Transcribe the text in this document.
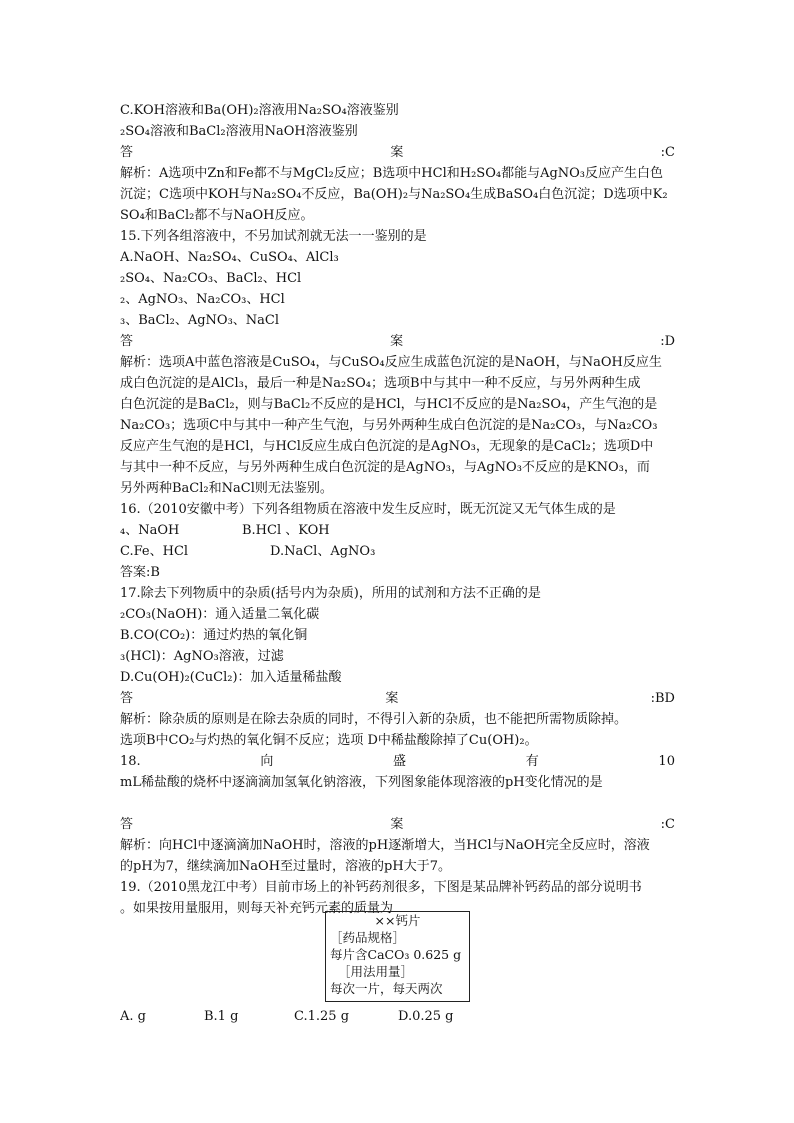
C.KOH溶液和Ba(OH)₂溶液用Na₂SO₄溶液鉴别
₂SO₄溶液和BaCl₂溶液用NaOH溶液鉴别
答	案	:C
解析：A选项中Zn和Fe都不与MgCl₂反应；B选项中HCl和H₂SO₄都能与AgNO₃反应产生白色
沉淀；C选项中KOH与Na₂SO₄不反应，Ba(OH)₂与Na₂SO₄生成BaSO₄白色沉淀；D选项中K₂
SO₄和BaCl₂都不与NaOH反应。
15.下列各组溶液中，不另加试剂就无法一一鉴别的是
A.NaOH、Na₂SO₄、CuSO₄、AlCl₃
₂SO₄、Na₂CO₃、BaCl₂、HCl
₂、AgNO₃、Na₂CO₃、HCl
₃、BaCl₂、AgNO₃、NaCl
答	案	:D
解析：选项A中蓝色溶液是CuSO₄，与CuSO₄反应生成蓝色沉淀的是NaOH，与NaOH反应生
成白色沉淀的是AlCl₃，最后一种是Na₂SO₄；选项B中与其中一种不反应，与另外两种生成
白色沉淀的是BaCl₂，则与BaCl₂不反应的是HCl，与HCl不反应的是Na₂SO₄，产生气泡的是
Na₂CO₃；选项C中与其中一种产生气泡，与另外两种生成白色沉淀的是Na₂CO₃，与Na₂CO₃
反应产生气泡的是HCl，与HCl反应生成白色沉淀的是AgNO₃，无现象的是CaCl₂；选项D中
与其中一种不反应，与另外两种生成白色沉淀的是AgNO₃，与AgNO₃不反应的是KNO₃，而
另外两种BaCl₂和NaCl则无法鉴别。
16.（2010安徽中考）下列各组物质在溶液中发生反应时，既无沉淀又无气体生成的是
₄、NaOH	B.HCl 、KOH
C.Fe、HCl	D.NaCl、AgNO₃
答案:B
17.除去下列物质中的杂质(括号内为杂质)，所用的试剂和方法不正确的是
₂CO₃(NaOH)：通入适量二氧化碳
B.CO(CO₂)：通过灼热的氧化铜
₃(HCl)：AgNO₃溶液，过滤
D.Cu(OH)₂(CuCl₂)：加入适量稀盐酸
答	案	:BD
解析：除杂质的原则是在除去杂质的同时，不得引入新的杂质，也不能把所需物质除掉。
选项B中CO₂与灼热的氧化铜不反应；选项 D中稀盐酸除掉了Cu(OH)₂。
18.	向	盛	有	10
mL稀盐酸的烧杯中逐滴滴加氢氧化钠溶液，下列图象能体现溶液的pH变化情况的是
答	案	:C
解析：向HCl中逐滴滴加NaOH时，溶液的pH逐渐增大，当HCl与NaOH完全反应时，溶液
的pH为7，继续滴加NaOH至过量时，溶液的pH大于7。
19.（2010黑龙江中考）目前市场上的补钙药剂很多，下图是某品牌补钙药品的部分说明书
。如果按用量服用，则每天补充钙元素的质量为
××钙片
［药品规格］
每片含CaCO₃ 0.625 g
［用法用量］
每次一片，每天两次
A. g	B.1 g	C.1.25 g	D.0.25 g
